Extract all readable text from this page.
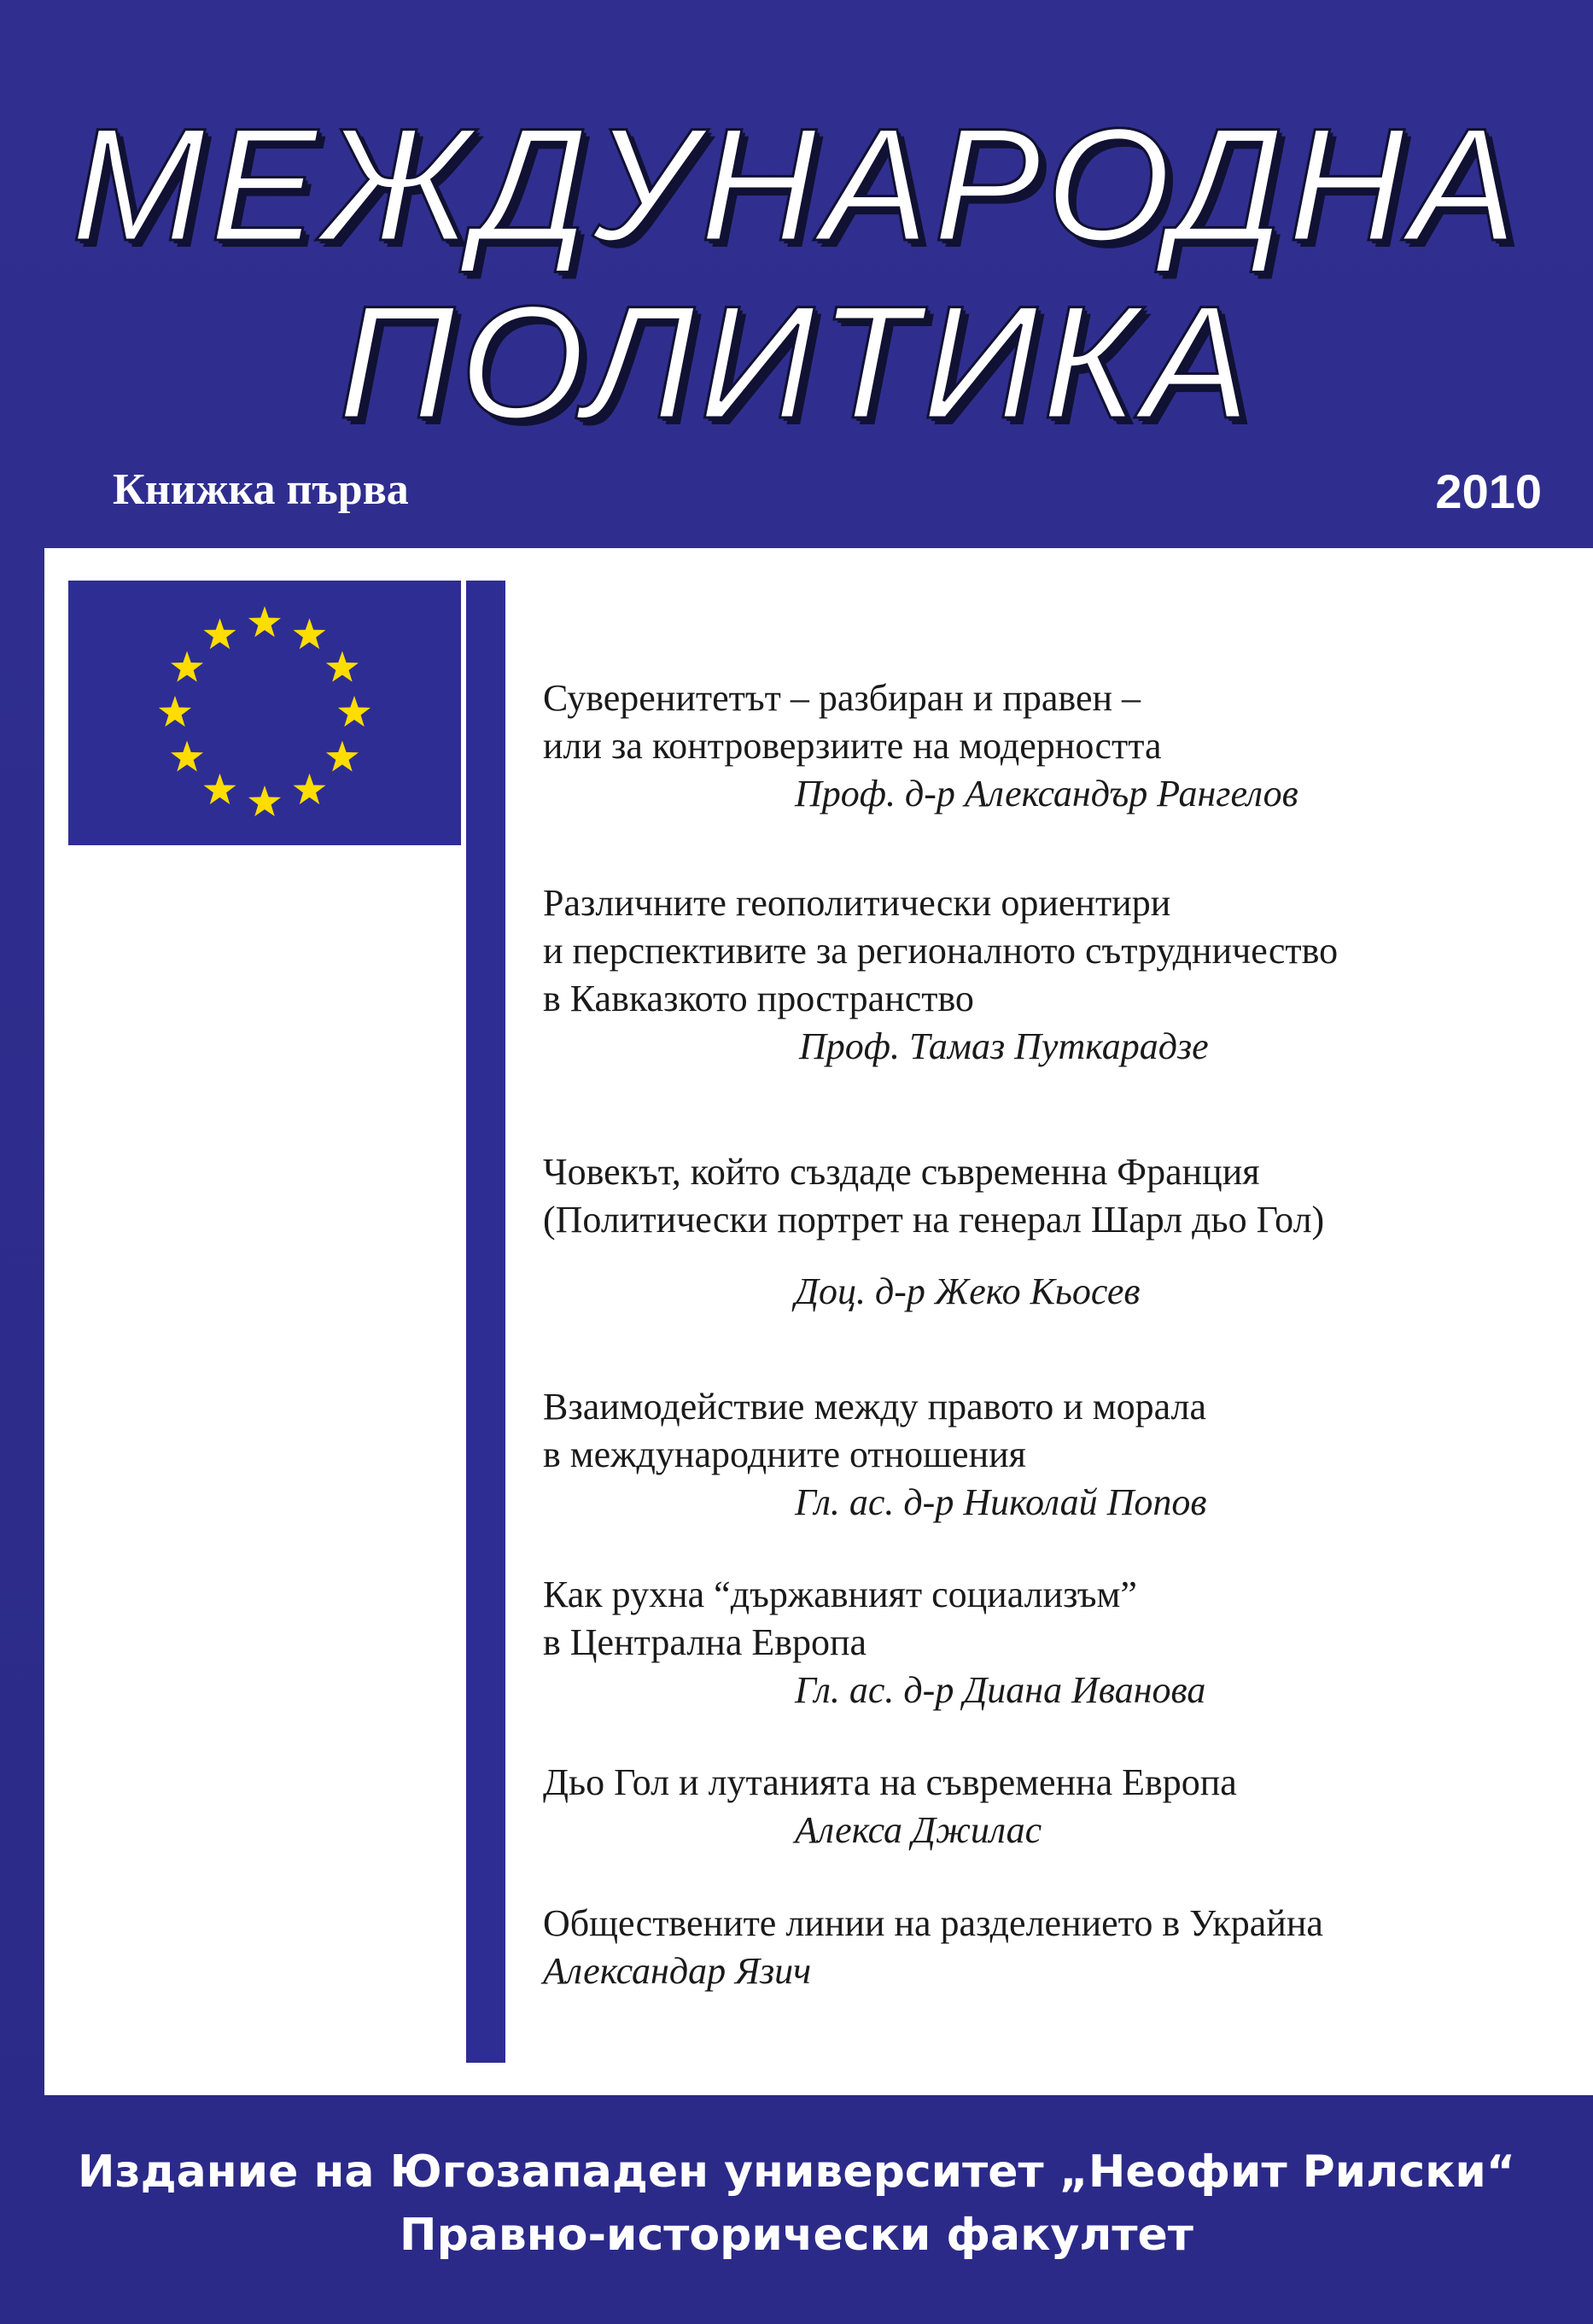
МЕЖДУНАРОДНА
ПОЛИТИКА
Книжка първа	2010
Суверенитетът – разбиран и правен –
или за контроверзиите на модерността
Проф. д-р Александър Рангелов
Различните геополитически ориентири
и перспективите за регионалното сътрудничество
в Кавказкото пространство
Проф. Тамаз Путкарадзе
Човекът, който създаде съвременна Франция
(Политически портрет на генерал Шарл дьо Гол)
Доц. д-р Жеко Кьосев
Взаимодействие между правото и морала
в международните отношения
Гл. ас. д-р Николай Попов
Как рухна “държавният социализъм”
в Централна Европа
Гл. ас. д-р Диана Иванова
Дьо Гол и лутанията на съвременна Европа
Алекса Джилас
Обществените линии на разделението в Украйна
Александар Язич
Издание на Югозападен университет „Неофит Рилски“
Правно-исторически факултет
